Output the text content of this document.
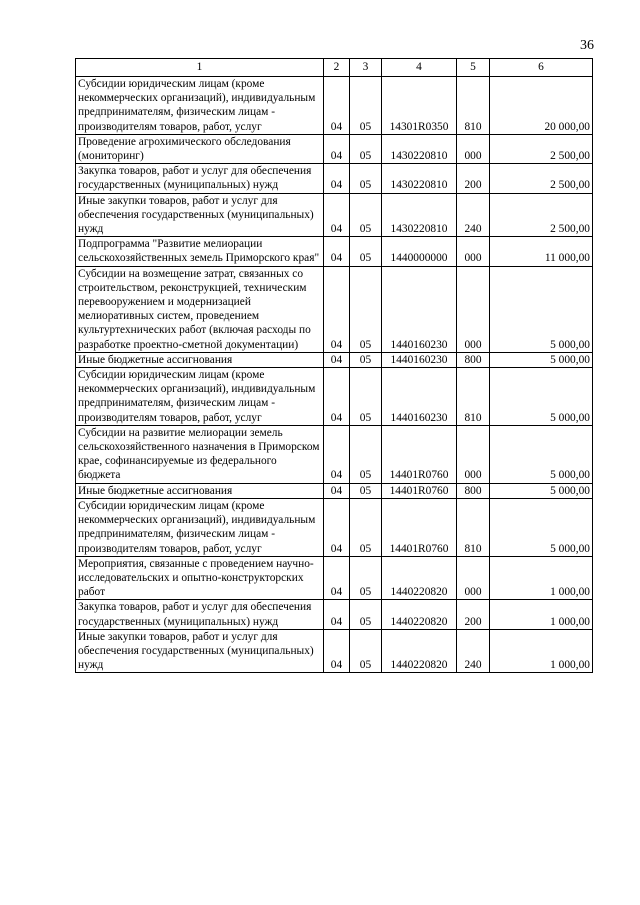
36
1	2	3	4	5	6
Субсидии юридическим лицам (кроме некоммерческих организаций), индивидуальным предпринимателям, физическим лицам - производителям товаров, работ, услуг	04	05	14301R0350	810	20 000,00
Проведение агрохимического обследования (мониторинг)	04	05	1430220810	000	2 500,00
Закупка товаров, работ и услуг для обеспечения государственных (муниципальных) нужд	04	05	1430220810	200	2 500,00
Иные закупки товаров, работ и услуг для обеспечения государственных (муниципальных) нужд	04	05	1430220810	240	2 500,00
Подпрограмма "Развитие мелиорации сельскохозяйственных земель Приморского края"	04	05	1440000000	000	11 000,00
Субсидии на возмещение затрат, связанных со строительством, реконструкцией, техническим перевооружением и модернизацией мелиоративных систем, проведением культуртехнических работ (включая расходы по разработке проектно-сметной документации)	04	05	1440160230	000	5 000,00
Иные бюджетные ассигнования	04	05	1440160230	800	5 000,00
Субсидии юридическим лицам (кроме некоммерческих организаций), индивидуальным предпринимателям, физическим лицам - производителям товаров, работ, услуг	04	05	1440160230	810	5 000,00
Субсидии на развитие мелиорации земель сельскохозяйственного назначения в Приморском крае, софинансируемые из федерального бюджета	04	05	14401R0760	000	5 000,00
Иные бюджетные ассигнования	04	05	14401R0760	800	5 000,00
Субсидии юридическим лицам (кроме некоммерческих организаций), индивидуальным предпринимателям, физическим лицам - производителям товаров, работ, услуг	04	05	14401R0760	810	5 000,00
Мероприятия, связанные с проведением научно-исследовательских и опытно-конструкторских работ	04	05	1440220820	000	1 000,00
Закупка товаров, работ и услуг для обеспечения государственных (муниципальных) нужд	04	05	1440220820	200	1 000,00
Иные закупки товаров, работ и услуг для обеспечения государственных (муниципальных) нужд	04	05	1440220820	240	1 000,00
